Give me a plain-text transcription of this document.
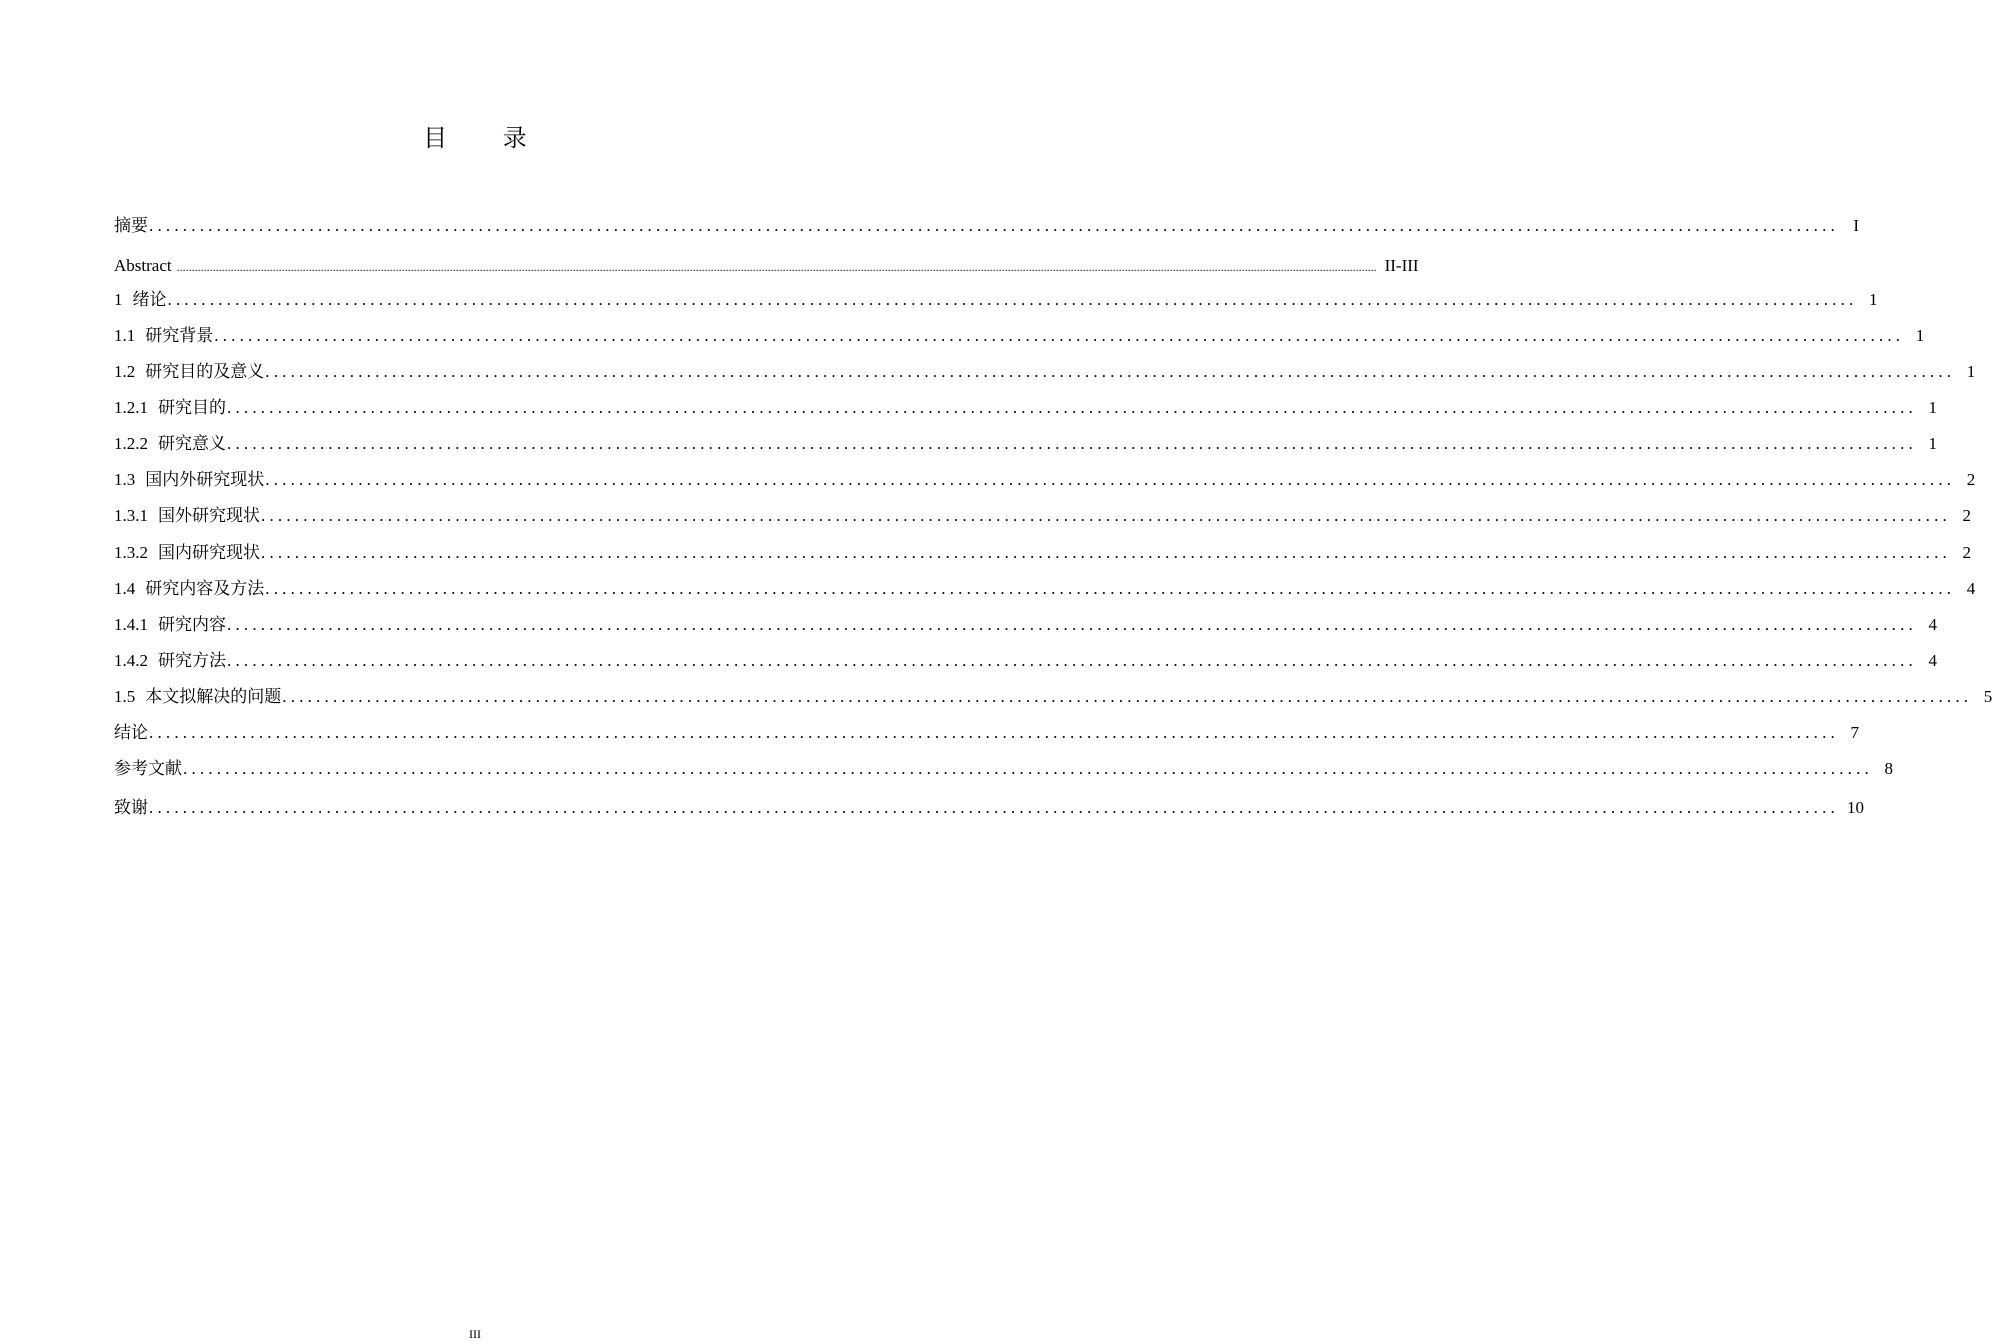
目 录
摘要 ........................................................................................................................................................................................................ I
Abstract ................................................................................................................................................................................................................................................................................................................................................................................................................ II-III
1 绪论 ........................................................................................................................................................................................................ 1
1.1 研究背景 ........................................................................................................................................................................................................ 1
1.2 研究目的及意义 ........................................................................................................................................................................................................ 1
1.2.1 研究目的 ........................................................................................................................................................................................................ 1
1.2.2 研究意义 ........................................................................................................................................................................................................ 1
1.3 国内外研究现状 ........................................................................................................................................................................................................ 2
1.3.1 国外研究现状 ........................................................................................................................................................................................................ 2
1.3.2 国内研究现状 ........................................................................................................................................................................................................ 2
1.4 研究内容及方法 ........................................................................................................................................................................................................ 4
1.4.1 研究内容 ........................................................................................................................................................................................................ 4
1.4.2 研究方法 ........................................................................................................................................................................................................ 4
1.5 本文拟解决的问题 ........................................................................................................................................................................................................ 5
结论 ........................................................................................................................................................................................................ 7
参考文献 ........................................................................................................................................................................................................ 8
致谢 ........................................................................................................................................................................................................ 10
III
